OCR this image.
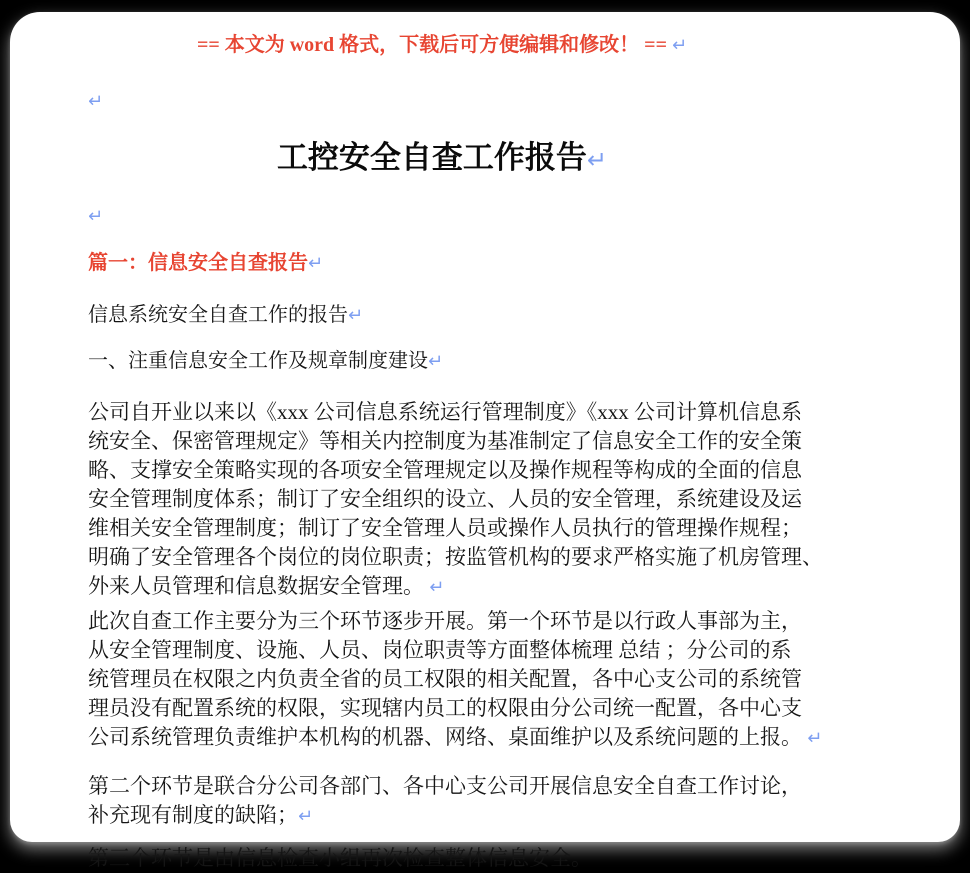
== 本文为 word 格式，下载后可方便编辑和修改！ == ↵
↵
工控安全自查工作报告↵
↵
篇一：信息安全自查报告↵
信息系统安全自查工作的报告↵
一、注重信息安全工作及规章制度建设↵
公司自开业以来以《xxx 公司信息系统运行管理制度》《xxx 公司计算机信息系
统安全、保密管理规定》等相关内控制度为基准制定了信息安全工作的安全策
略、支撑安全策略实现的各项安全管理规定以及操作规程等构成的全面的信息
安全管理制度体系；制订了安全组织的设立、人员的安全管理，系统建设及运
维相关安全管理制度；制订了安全管理人员或操作人员执行的管理操作规程；
明确了安全管理各个岗位的岗位职责；按监管机构的要求严格实施了机房管理、
外来人员管理和信息数据安全管理。 ↵
此次自查工作主要分为三个环节逐步开展。第一个环节是以行政人事部为主，
从安全管理制度、设施、人员、岗位职责等方面整体梳理 总结 ；分公司的系
统管理员在权限之内负责全省的员工权限的相关配置，各中心支公司的系统管
理员没有配置系统的权限，实现辖内员工的权限由分公司统一配置，各中心支
公司系统管理负责维护本机构的机器、网络、桌面维护以及系统问题的上报。 ↵
第二个环节是联合分公司各部门、各中心支公司开展信息安全自查工作讨论，
补充现有制度的缺陷；↵
第三个环节是由信息检查小组再次检查整体信息安全。
